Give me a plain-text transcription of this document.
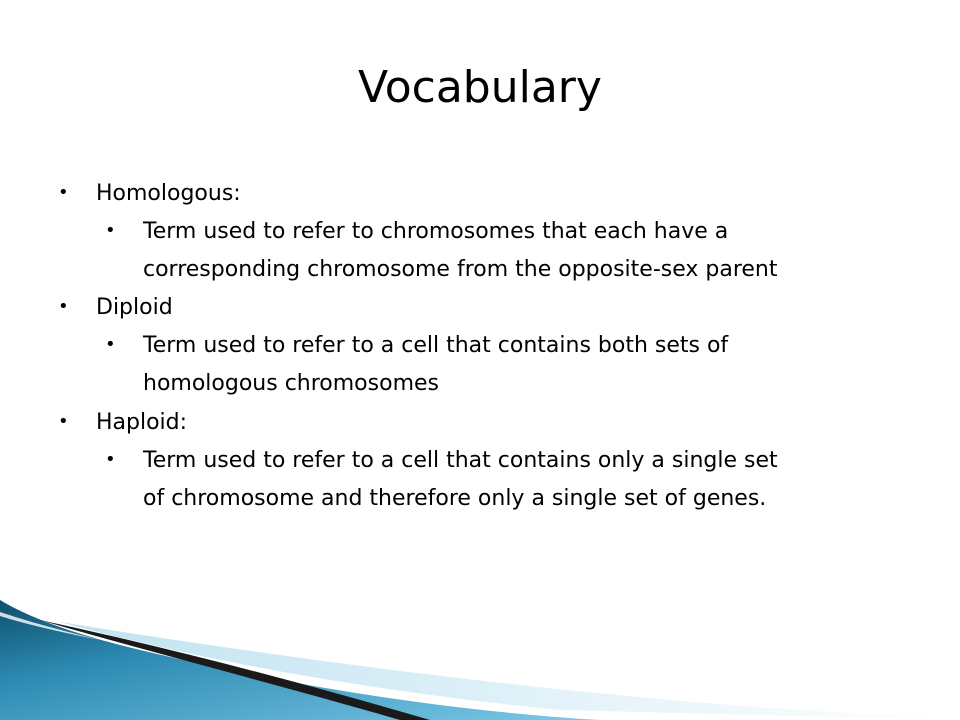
Vocabulary
• Homologous:
• Term used to refer to chromosomes that each have a
corresponding chromosome from the opposite-sex parent
• Diploid
• Term used to refer to a cell that contains both sets of
homologous chromosomes
• Haploid:
• Term used to refer to a cell that contains only a single set
of chromosome and therefore only a single set of genes.
